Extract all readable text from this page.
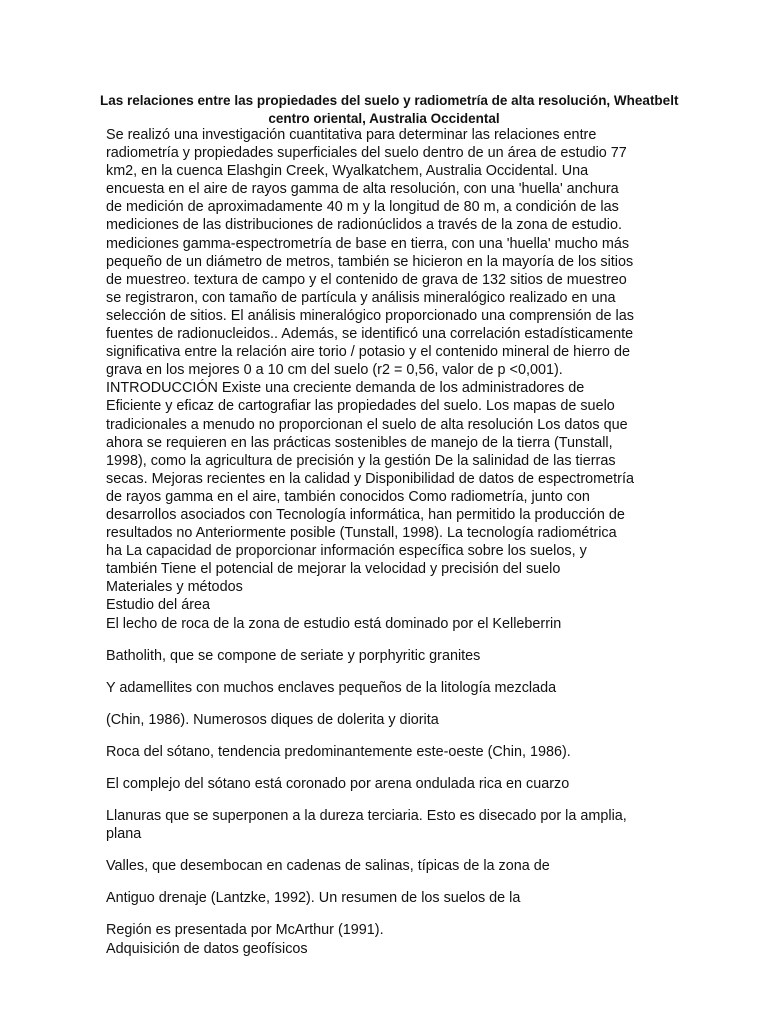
Las relaciones entre las propiedades del suelo y radiometría de alta resolución, Wheatbelt
centro oriental, Australia Occidental

Se realizó una investigación cuantitativa para determinar las relaciones entre
radiometría y propiedades superficiales del suelo dentro de un área de estudio 77
km2, en la cuenca Elashgin Creek, Wyalkatchem, Australia Occidental. Una
encuesta en el aire de rayos gamma de alta resolución, con una 'huella' anchura
de medición de aproximadamente 40 m y la longitud de 80 m, a condición de las
mediciones de las distribuciones de radionúclidos a través de la zona de estudio.
mediciones gamma-espectrometría de base en tierra, con una 'huella' mucho más
pequeño de un diámetro de metros, también se hicieron en la mayoría de los sitios
de muestreo. textura de campo y el contenido de grava de 132 sitios de muestreo
se registraron, con tamaño de partícula y análisis mineralógico realizado en una
selección de sitios. El análisis mineralógico proporcionado una comprensión de las
fuentes de radionucleidos.. Además, se identificó una correlación estadísticamente
significativa entre la relación aire torio / potasio y el contenido mineral de hierro de
grava en los mejores 0 a 10 cm del suelo (r2 = 0,56, valor de p <0,001).
INTRODUCCIÓN Existe una creciente demanda de los administradores de
Eficiente y eficaz de cartografiar las propiedades del suelo. Los mapas de suelo
tradicionales a menudo no proporcionan el suelo de alta resolución Los datos que
ahora se requieren en las prácticas sostenibles de manejo de la tierra (Tunstall,
1998), como la agricultura de precisión y la gestión De la salinidad de las tierras
secas. Mejoras recientes en la calidad y Disponibilidad de datos de espectrometría
de rayos gamma en el aire, también conocidos Como radiometría, junto con
desarrollos asociados con Tecnología informática, han permitido la producción de
resultados no Anteriormente posible (Tunstall, 1998). La tecnología radiométrica
ha La capacidad de proporcionar información específica sobre los suelos, y
también Tiene el potencial de mejorar la velocidad y precisión del suelo
Materiales y métodos
Estudio del área
El lecho de roca de la zona de estudio está dominado por el Kelleberrin

Batholith, que se compone de seriate y porphyritic granites

Y adamellites con muchos enclaves pequeños de la litología mezclada

(Chin, 1986). Numerosos diques de dolerita y diorita

Roca del sótano, tendencia predominantemente este-oeste (Chin, 1986).

El complejo del sótano está coronado por arena ondulada rica en cuarzo

Llanuras que se superponen a la dureza terciaria. Esto es disecado por la amplia,
plana

Valles, que desembocan en cadenas de salinas, típicas de la zona de

Antiguo drenaje (Lantzke, 1992). Un resumen de los suelos de la

Región es presentada por McArthur (1991).
Adquisición de datos geofísicos
